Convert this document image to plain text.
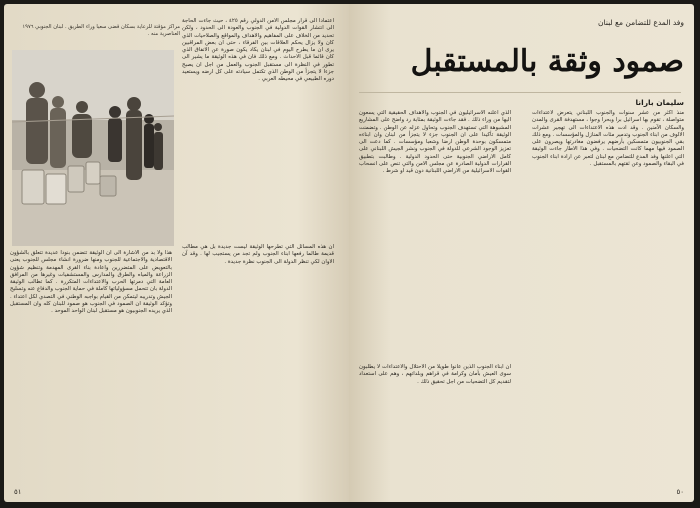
مراكز مؤقتة للرعاية بسكان قضى سعيا وراء الطريق . لبنان الجنوبي ١٩٧٦ العناصرية منه .
اعتمادا الى قرار مجلس الأمن الدولي رقم ٤٢٥ ، حيث جاءت الحاجة الى انتشار القوات الدولية في الجنوب والعودة الى الحدود ، ولكن تحديد من الخلاف على المفاهيم والاهداف والمواقع والصلاحيات الذي كان ولا يزال يحكم العلاقات بين الفرقاء ، حتى ان بعض المراقبين يرى ان ما يطرح اليوم في لبنان يكاد يكون صورة عن الاتفاق الذي كان قائما قبل الاحداث . ومع ذلك فان في هذه الوثيقة ما يشير الى تطور في النظرة الى مستقبل الجنوب والعمل من اجل ان يصبح جزءا لا يتجزأ من الوطن الذي تكتمل سيادته على كل ارضه ويستعيد دوره الطبيعي في محيطه العربي .
هذا ولا بد من الاشارة الى ان الوثيقة تتضمن بنودا عديدة تتعلق بالشؤون الاقتصادية والاجتماعية للجنوب ومنها ضرورة انشاء مجلس للجنوب يعنى بالتعويض على المتضررين واعادة بناء القرى المهدمة وتنظيم شؤون الزراعة والمياه والطرق والمدارس والمستشفيات وغيرها من المرافق العامة التي دمرتها الحرب والاعتداءات المتكررة . كما تطالب الوثيقة الدولة بان تتحمل مسؤولياتها كاملة في حماية الجنوب والدفاع عنه وتسليح الجيش وتدريبه ليتمكن من القيام بواجبه الوطني في التصدي لكل اعتداء . وتؤكد الوثيقة ان الصمود في الجنوب هو صمود للبنان كله وان المستقبل الذي يريده الجنوبيون هو مستقبل لبنان الواحد الموحد .
ان هذه المسائل التي تطرحها الوثيقة ليست جديدة بل هي مطالب قديمة طالما رفعها ابناء الجنوب ولم تجد من يستجيب لها . وقد آن الاوان لكي تنظر الدولة الى الجنوب نظرة جديدة .
٥١
وفد المدع للتضامن مع لبنان
صمود وثقة بالمستقبل
سليمان بارانا
منذ اكثر من عشر سنوات والجنوب اللبناني يتعرض لاعتداءات متواصلة ، تقوم بها اسرائيل برا وبحرا وجوا ، مستهدفة القرى والمدن والسكان الآمنين . وقد ادت هذه الاعتداءات الى تهجير عشرات الالوف من ابناء الجنوب وتدمير مئات المنازل والمؤسسات . ومع ذلك بقي الجنوبيون متمسكين بأرضهم يرفضون مغادرتها ويصرون على الصمود فيها مهما كانت التضحيات . وفي هذا الاطار جاءت الوثيقة التي اعلنها وفد المدع للتضامن مع لبنان لتعبر عن ارادة ابناء الجنوب في البقاء والصمود وعن ثقتهم بالمستقبل .
الذي اعلنه الاسرائيليون في الجنوب والاهداف الحقيقية التي يسعون اليها من وراء ذلك . فقد جاءت الوثيقة بمثابة رد واضح على المشاريع المشبوهة التي تستهدف الجنوب وتحاول عزله عن الوطن . وتضمنت الوثيقة تأكيدا على ان الجنوب جزء لا يتجزأ من لبنان وان ابناءه متمسكون بوحدة الوطن ارضا وشعبا ومؤسسات . كما دعت الى تعزيز الوجود الشرعي للدولة في الجنوب ونشر الجيش اللبناني على كامل الاراضي الجنوبية حتى الحدود الدولية . وطالبت بتطبيق القرارات الدولية الصادرة عن مجلس الامن والتي تنص على انسحاب القوات الاسرائيلية من الاراضي اللبنانية دون قيد او شرط .
ان ابناء الجنوب الذين عانوا طويلا من الاحتلال والاعتداءات لا يطلبون سوى العيش بأمان وكرامة في قراهم وبلداتهم ، وهم على استعداد لتقديم كل التضحيات من اجل تحقيق ذلك .
٥٠
